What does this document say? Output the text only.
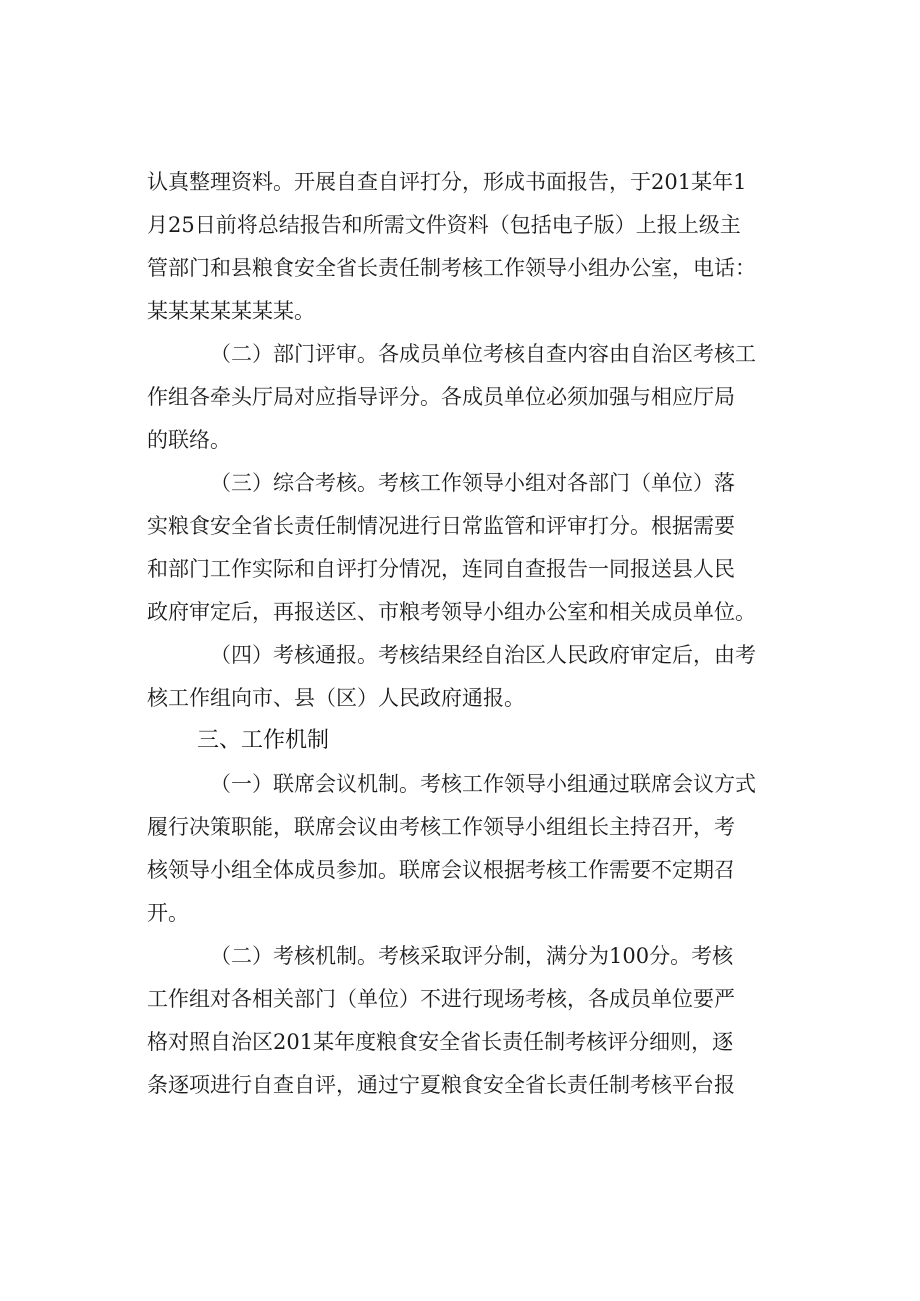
认真整理资料。开展自查自评打分，形成书面报告，于201某年1
月25日前将总结报告和所需文件资料（包括电子版）上报上级主
管部门和县粮食安全省长责任制考核工作领导小组办公室，电话：
某某某某某某某。
（二）部门评审。各成员单位考核自查内容由自治区考核工
作组各牵头厅局对应指导评分。各成员单位必须加强与相应厅局
的联络。
（三）综合考核。考核工作领导小组对各部门（单位）落
实粮食安全省长责任制情况进行日常监管和评审打分。根据需要
和部门工作实际和自评打分情况，连同自查报告一同报送县人民
政府审定后，再报送区、市粮考领导小组办公室和相关成员单位。
（四）考核通报。考核结果经自治区人民政府审定后，由考
核工作组向市、县（区）人民政府通报。
三、工作机制
（一）联席会议机制。考核工作领导小组通过联席会议方式
履行决策职能，联席会议由考核工作领导小组组长主持召开，考
核领导小组全体成员参加。联席会议根据考核工作需要不定期召
开。
（二）考核机制。考核采取评分制，满分为100分。考核
工作组对各相关部门（单位）不进行现场考核，各成员单位要严
格对照自治区201某年度粮食安全省长责任制考核评分细则，逐
条逐项进行自查自评，通过宁夏粮食安全省长责任制考核平台报
